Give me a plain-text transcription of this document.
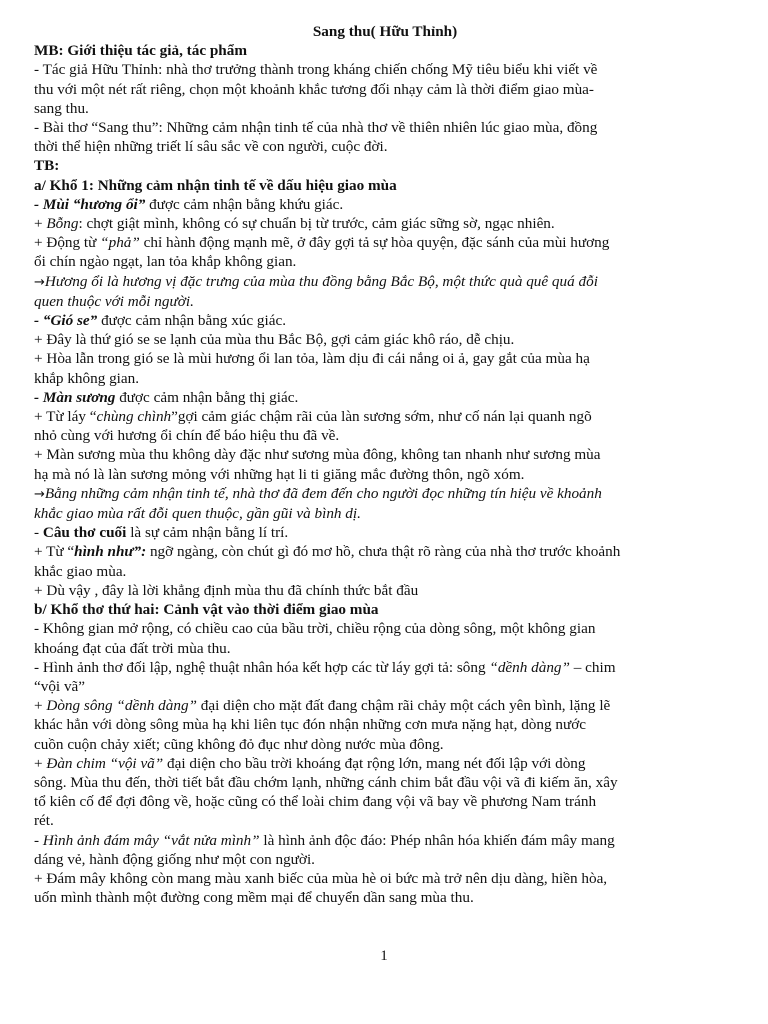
Sang thu( Hữu Thỉnh)
MB: Giới thiệu tác giả, tác phẩm
- Tác giả Hữu Thỉnh: nhà thơ trưởng thành trong kháng chiến chống Mỹ tiêu biểu khi viết về
thu với một nét rất riêng, chọn một khoảnh khắc tương đối nhạy cảm là thời điểm giao mùa-
sang thu.
- Bài thơ “Sang thu”: Những cảm nhận tinh tế của nhà thơ về thiên nhiên lúc giao mùa, đồng
thời thể hiện những triết lí sâu sắc về con người, cuộc đời.
TB:
a/ Khổ 1: Những cảm nhận tinh tế về dấu hiệu giao mùa
- Mùi “hương ổi” được cảm nhận bằng khứu giác.
+ Bỗng: chợt giật mình, không có sự chuẩn bị từ trước, cảm giác sững sờ, ngạc nhiên.
+ Động từ “phả” chỉ hành động mạnh mẽ, ở đây gợi tả sự hòa quyện, đặc sánh của mùi hương
ổi chín ngào ngạt, lan tỏa khắp không gian.
→Hương ổi là hương vị đặc trưng của mùa thu đồng bằng Bắc Bộ, một thức quà quê quá đỗi
quen thuộc với mỗi người.
- “Gió se” được cảm nhận bằng xúc giác.
+ Đây là thứ gió se se lạnh của mùa thu Bắc Bộ, gợi cảm giác khô ráo, dễ chịu.
+ Hòa lẫn trong gió se là mùi hương ổi lan tỏa, làm dịu đi cái nắng oi ả, gay gắt của mùa hạ
khắp không gian.
- Màn sương được cảm nhận bằng thị giác.
+ Từ láy “chùng chình”gợi cảm giác chậm rãi của làn sương sớm, như cố nán lại quanh ngõ
nhỏ cùng với hương ổi chín để báo hiệu thu đã về.
+ Màn sương mùa thu không dày đặc như sương mùa đông, không tan nhanh như sương mùa
hạ mà nó là làn sương mỏng với những hạt li ti giăng mắc đường thôn, ngõ xóm.
→Bằng những cảm nhận tinh tế, nhà thơ đã đem đến cho người đọc những tín hiệu về khoảnh
khắc giao mùa rất đỗi quen thuộc, gần gũi và bình dị.
- Câu thơ cuối là sự cảm nhận bằng lí trí.
+ Từ “hình như”: ngỡ ngàng, còn chút gì đó mơ hồ, chưa thật rõ ràng của nhà thơ trước khoảnh
khắc giao mùa.
+ Dù vậy , đây là lời khẳng định mùa thu đã chính thức bắt đầu
b/ Khổ thơ thứ hai: Cảnh vật vào thời điểm giao mùa
- Không gian mở rộng, có chiều cao của bầu trời, chiều rộng của dòng sông, một không gian
khoáng đạt của đất trời mùa thu.
- Hình ảnh thơ đối lập, nghệ thuật nhân hóa kết hợp các từ láy gợi tả: sông “dềnh dàng” – chim
“vội vã”
+ Dòng sông “dềnh dàng” đại diện cho mặt đất đang chậm rãi chảy một cách yên bình, lặng lẽ
khác hẳn với dòng sông mùa hạ khi liên tục đón nhận những cơn mưa nặng hạt, dòng nước
cuồn cuộn chảy xiết; cũng không đỏ đục như dòng nước mùa đông.
+ Đàn chim “vội vã” đại diện cho bầu trời khoáng đạt rộng lớn, mang nét đối lập với dòng
sông. Mùa thu đến, thời tiết bắt đầu chớm lạnh, những cánh chim bắt đầu vội vã đi kiếm ăn, xây
tổ kiên cố để đợi đông về, hoặc cũng có thể loài chim đang vội vã bay về phương Nam tránh
rét.
- Hình ảnh đám mây “vắt nửa mình” là hình ảnh độc đáo: Phép nhân hóa khiến đám mây mang
dáng vẻ, hành động giống như một con người.
+ Đám mây không còn mang màu xanh biếc của mùa hè oi bức mà trở nên dịu dàng, hiền hòa,
uốn mình thành một đường cong mềm mại để chuyển dần sang mùa thu.
1
